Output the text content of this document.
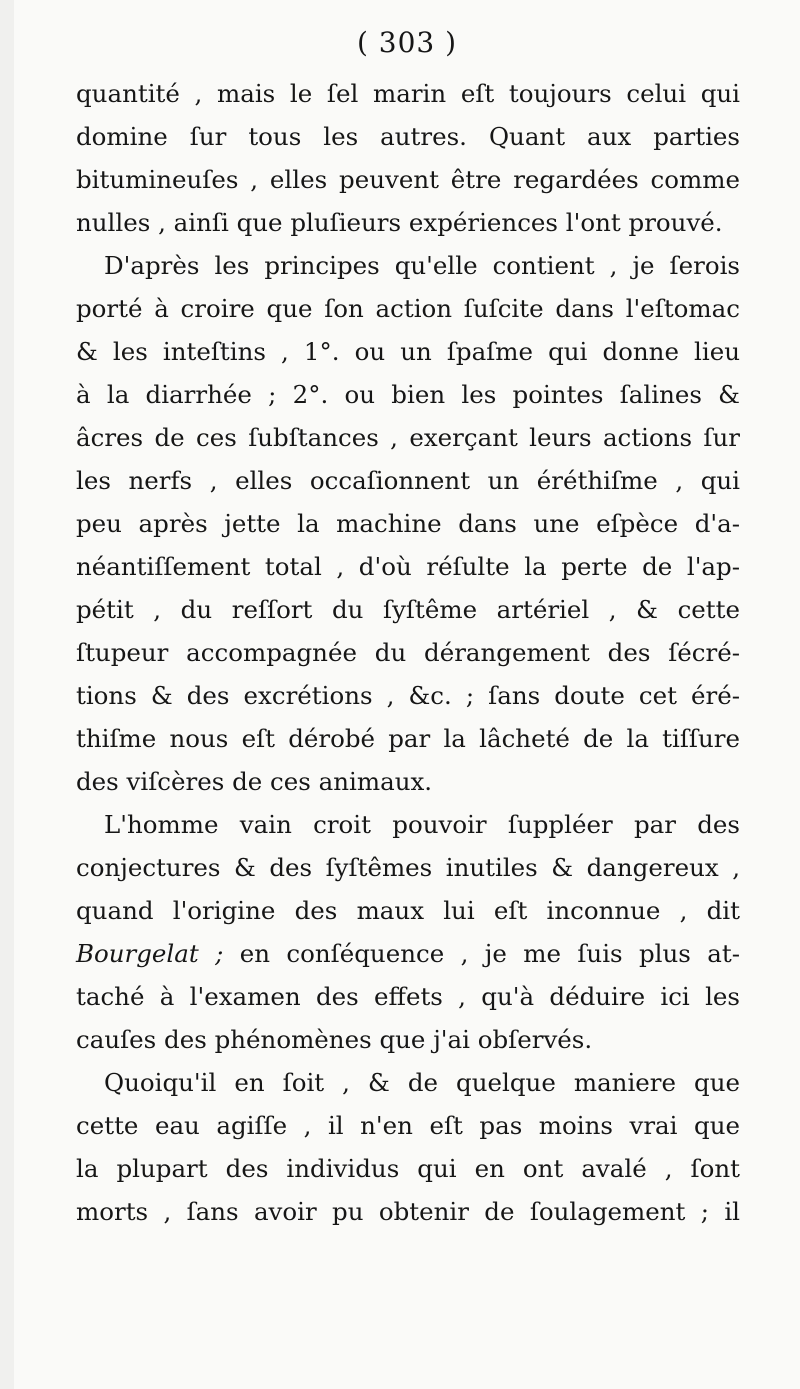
( 303 )
quantité , mais le ſel marin eſt toujours celui qui
domine ſur tous les autres. Quant aux parties
bitumineuſes , elles peuvent être regardées comme
nulles , ainſi que pluſieurs expériences l'ont prouvé.
D'après les principes qu'elle contient , je ſerois
porté à croire que ſon action ſuſcite dans l'eſtomac
& les inteſtins , 1°. ou un ſpaſme qui donne lieu
à la diarrhée ; 2°. ou bien les pointes ſalines &
âcres de ces ſubſtances , exerçant leurs actions ſur
les nerfs , elles occaſionnent un éréthiſme , qui
peu après jette la machine dans une eſpèce d'a-
néantiſſement total , d'où réſulte la perte de l'ap-
pétit , du reſſort du ſyſtême artériel , & cette
ſtupeur accompagnée du dérangement des ſécré-
tions & des excrétions , &c. ; ſans doute cet éré-
thiſme nous eſt dérobé par la lâcheté de la tiſſure
des viſcères de ces animaux.
L'homme vain croit pouvoir ſuppléer par des
conjectures & des ſyſtêmes inutiles & dangereux ,
quand l'origine des maux lui eſt inconnue , dit
Bourgelat ; en conſéquence , je me ſuis plus at-
taché à l'examen des effets , qu'à déduire ici les
cauſes des phénomènes que j'ai obſervés.
Quoiqu'il en ſoit , & de quelque maniere que
cette eau agiſſe , il n'en eſt pas moins vrai que
la plupart des individus qui en ont avalé , ſont
morts , ſans avoir pu obtenir de ſoulagement ; il
